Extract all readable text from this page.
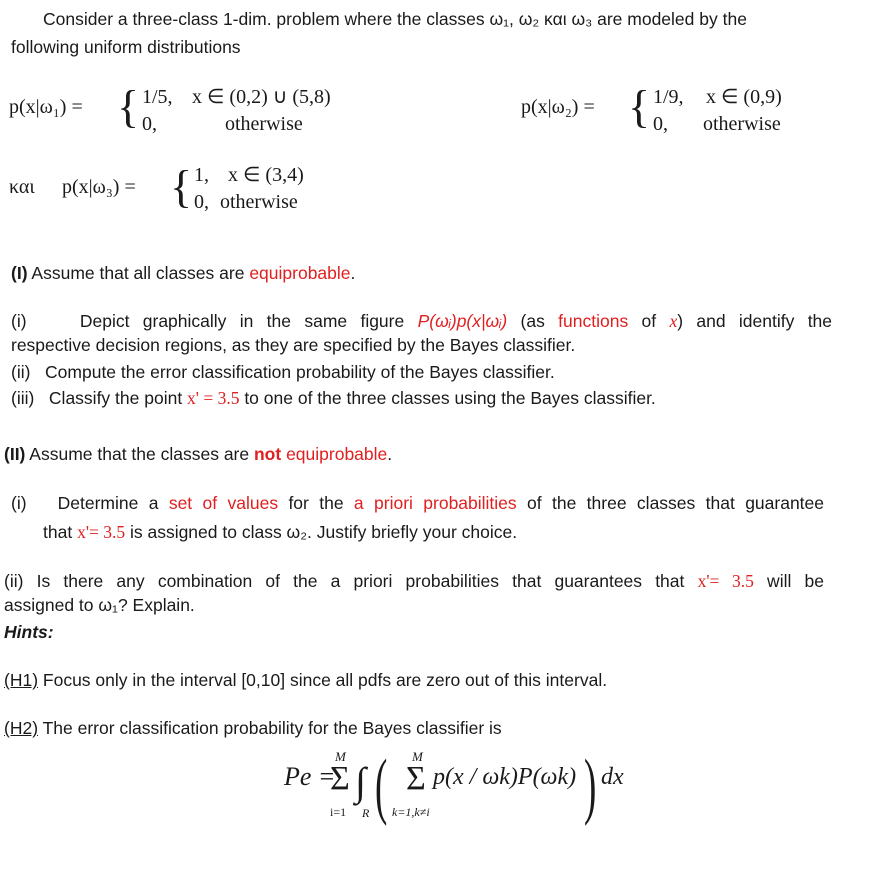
Consider a three-class 1-dim. problem where the classes ω₁, ω₂ και ω₃ are modeled by the
following uniform distributions
p(x|ω₁) = { 1/5,
0,
x ∈ (0,2) ∪ (5,8)
otherwise
p(x|ω₂) = { 1/9,
0,
x ∈ (0,9)
otherwise
και p(x|ω₃) = { 1,
0,
x ∈ (3,4)
otherwise
(I) Assume that all classes are equiprobable.
(i)	Depict graphically in the same figure P(ωᵢ)p(x|ωᵢ) (as functions of x) and identify the
respective decision regions, as they are specified by the Bayes classifier.
(ii) Compute the error classification probability of the Bayes classifier.
(iii) Classify the point x' = 3.5 to one of the three classes using the Bayes classifier.
(II) Assume that the classes are not equiprobable.
(i) Determine a set of values for the a priori probabilities of the three classes that guarantee
that x'= 3.5 is assigned to class ω₂. Justify briefly your choice.
(ii) Is there any combination of the a priori probabilities that guarantees that x'= 3.5 will be
assigned to ω₁? Explain.
Hints:
(H1) Focus only in the interval [0,10] since all pdfs are zero out of this interval.
(H2) The error classification probability for the Bayes classifier is
Pe =
M
Σ
i=1
∫
R ( M
Σ
k=1,k≠i
p(x / ωk)P(ωk) ) dx
